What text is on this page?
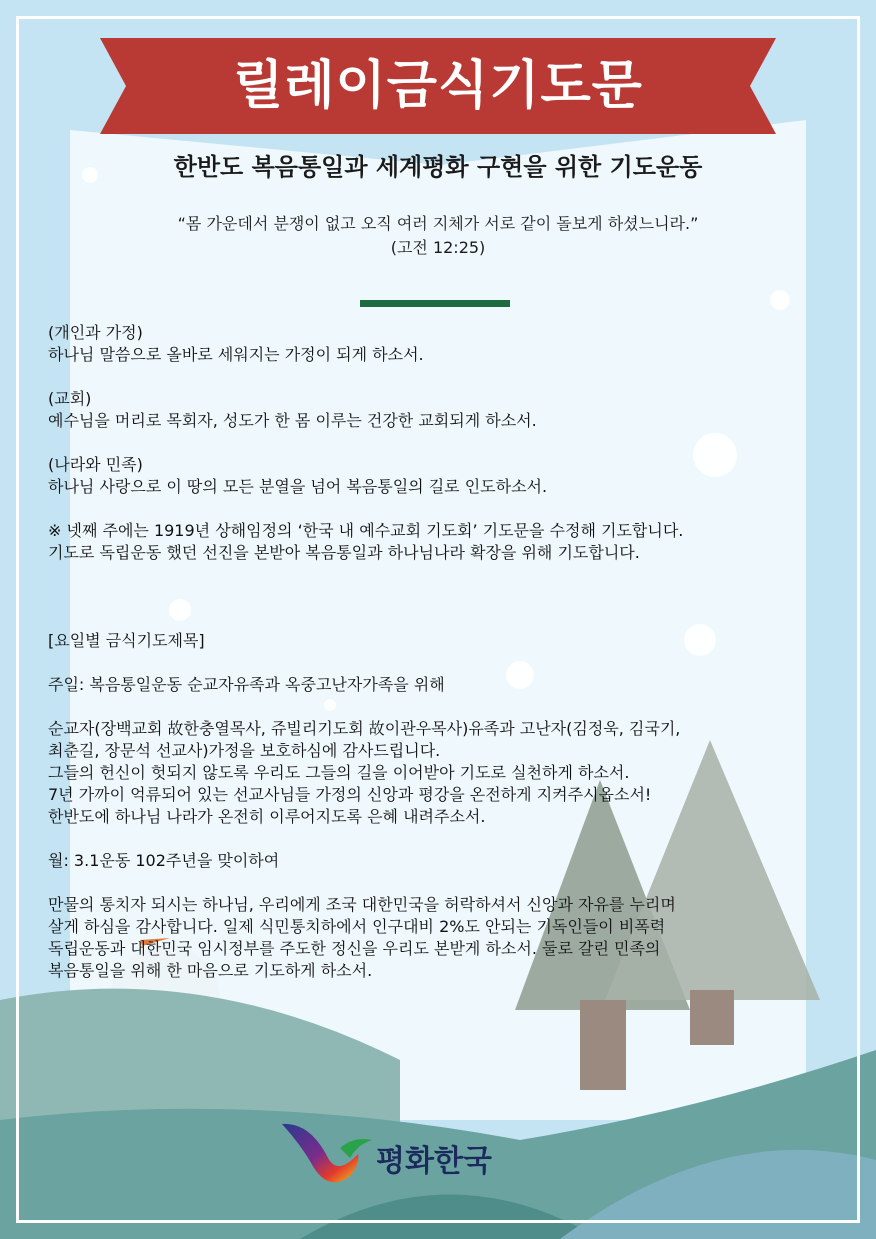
릴레이금식기도문
한반도 복음통일과 세계평화 구현을 위한 기도운동
“몸 가운데서 분쟁이 없고 오직 여러 지체가 서로 같이 돌보게 하셨느니라.”
(고전 12:25)

(개인과 가정)

하나님 말씀으로 올바로 세워지는 가정이 되게 하소서.

(교회)

예수님을 머리로 목회자, 성도가 한 몸 이루는 건강한 교회되게 하소서.

(나라와 민족)

하나님 사랑으로 이 땅의 모든 분열을 넘어 복음통일의 길로 인도하소서.

※ 넷째 주에는 1919년 상해임정의 ‘한국 내 예수교회 기도회’ 기도문을 수정해 기도합니다.

기도로 독립운동 했던 선진을 본받아 복음통일과 하나님나라 확장을 위해 기도합니다.

[요일별 금식기도제목]

주일: 복음통일운동 순교자유족과 옥중고난자가족을 위해

순교자(장백교회 故한충열목사, 쥬빌리기도회 故이관우목사)유족과 고난자(김정욱, 김국기,

최춘길, 장문석 선교사)가정을 보호하심에 감사드립니다.

그들의 헌신이 헛되지 않도록 우리도 그들의 길을 이어받아 기도로 실천하게 하소서.

7년 가까이 억류되어 있는 선교사님들 가정의 신앙과 평강을 온전하게 지켜주시옵소서!

한반도에 하나님 나라가 온전히 이루어지도록 은혜 내려주소서.

월: 3.1운동 102주년을 맞이하여

만물의 통치자 되시는 하나님, 우리에게 조국 대한민국을 허락하셔서 신앙과 자유를 누리며

살게 하심을 감사합니다. 일제 식민통치하에서 인구대비 2%도 안되는 기독인들이 비폭력

독립운동과 대한민국 임시정부를 주도한 정신을 우리도 본받게 하소서. 둘로 갈린 민족의

복음통일을 위해 한 마음으로 기도하게 하소서.

평화한국
